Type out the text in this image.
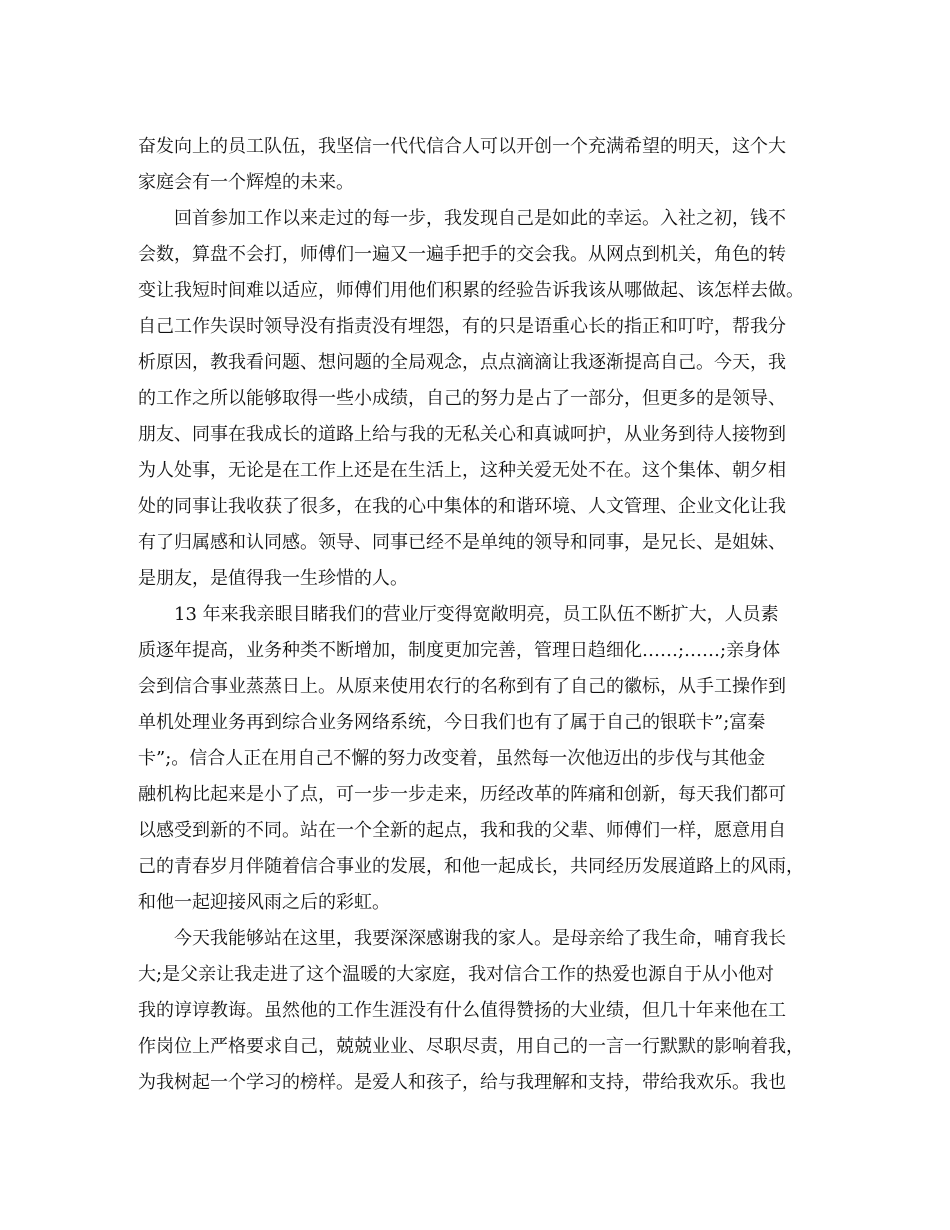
奋发向上的员工队伍，我坚信一代代信合人可以开创一个充满希望的明天，这个大
家庭会有一个辉煌的未来。
　　回首参加工作以来走过的每一步，我发现自己是如此的幸运。入社之初，钱不
会数，算盘不会打，师傅们一遍又一遍手把手的交会我。从网点到机关，角色的转
变让我短时间难以适应，师傅们用他们积累的经验告诉我该从哪做起、该怎样去做。
自己工作失误时领导没有指责没有埋怨，有的只是语重心长的指正和叮咛，帮我分
析原因，教我看问题、想问题的全局观念，点点滴滴让我逐渐提高自己。今天，我
的工作之所以能够取得一些小成绩，自己的努力是占了一部分，但更多的是领导、
朋友、同事在我成长的道路上给与我的无私关心和真诚呵护，从业务到待人接物到
为人处事，无论是在工作上还是在生活上，这种关爱无处不在。这个集体、朝夕相
处的同事让我收获了很多，在我的心中集体的和谐环境、人文管理、企业文化让我
有了归属感和认同感。领导、同事已经不是单纯的领导和同事，是兄长、是姐妹、
是朋友，是值得我一生珍惜的人。
　　13 年来我亲眼目睹我们的营业厅变得宽敞明亮，员工队伍不断扩大，人员素
质逐年提高，业务种类不断增加，制度更加完善，管理日趋细化……;……;亲身体
会到信合事业蒸蒸日上。从原来使用农行的名称到有了自己的徽标，从手工操作到
单机处理业务再到综合业务网络系统，今日我们也有了属于自己的银联卡”;富秦
卡”;。信合人正在用自己不懈的努力改变着，虽然每一次他迈出的步伐与其他金
融机构比起来是小了点，可一步一步走来，历经改革的阵痛和创新，每天我们都可
以感受到新的不同。站在一个全新的起点，我和我的父辈、师傅们一样，愿意用自
己的青春岁月伴随着信合事业的发展，和他一起成长，共同经历发展道路上的风雨，
和他一起迎接风雨之后的彩虹。
　　今天我能够站在这里，我要深深感谢我的家人。是母亲给了我生命，哺育我长
大;是父亲让我走进了这个温暖的大家庭，我对信合工作的热爱也源自于从小他对
我的谆谆教诲。虽然他的工作生涯没有什么值得赞扬的大业绩，但几十年来他在工
作岗位上严格要求自己，兢兢业业、尽职尽责，用自己的一言一行默默的影响着我，
为我树起一个学习的榜样。是爱人和孩子，给与我理解和支持，带给我欢乐。我也
